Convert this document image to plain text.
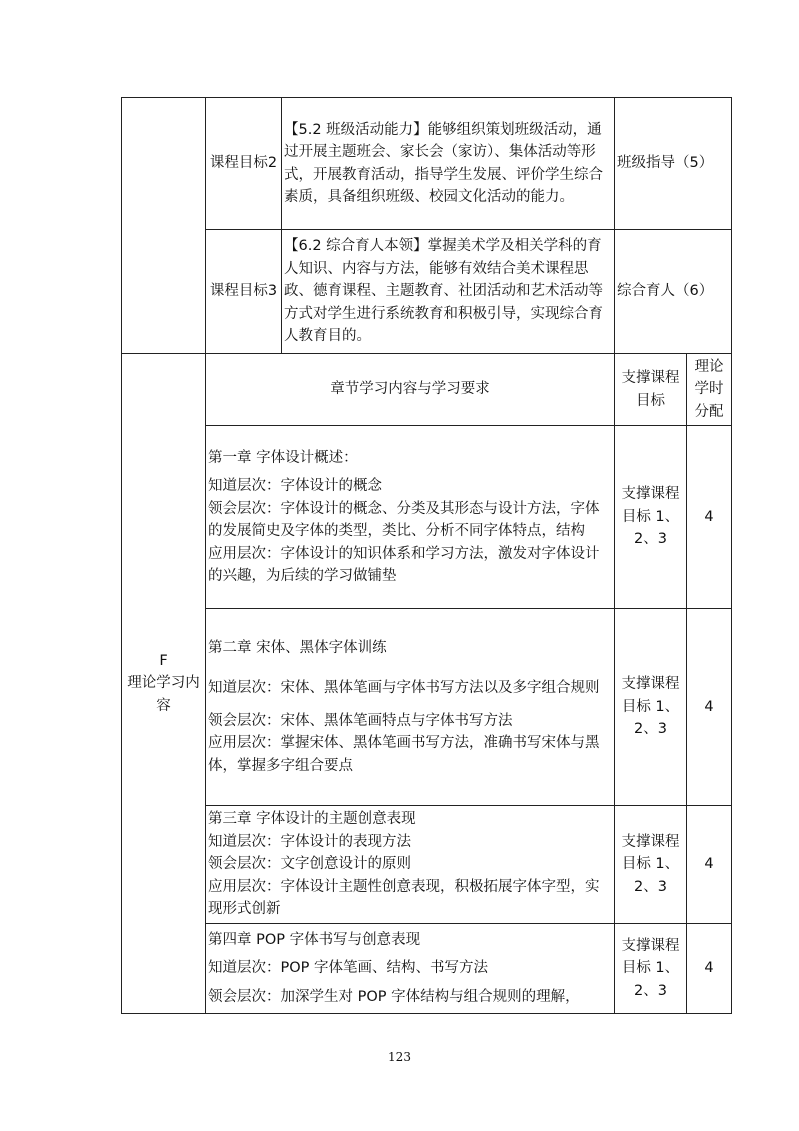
	课程目标2	【5.2 班级活动能力】能够组织策划班级活动，通过开展主题班会、家长会（家访）、集体活动等形式，开展教育活动，指导学生发展、评价学生综合素质，具备组织班级、校园文化活动的能力。	班级指导（5）	
	课程目标3	【6.2 综合育人本领】掌握美术学及相关学科的育人知识、内容与方法，能够有效结合美术课程思政、德育课程、主题教育、社团活动和艺术活动等方式对学生进行系统教育和积极引导，实现综合育人教育目的。	综合育人（6）	

F
理论学习内容	章节学习内容与学习要求		支撑课程目标	理论学时分配

	第一章 字体设计概述：
知道层次：字体设计的概念
领会层次：字体设计的概念、分类及其形态与设计方法，字体的发展简史及字体的类型，类比、分析不同字体特点，结构
应用层次：字体设计的知识体系和学习方法，激发对字体设计的兴趣，为后续的学习做铺垫		支撑课程目标 1、2、3	4

	第二章 宋体、黑体字体训练
知道层次：宋体、黑体笔画与字体书写方法以及多字组合规则
领会层次：宋体、黑体笔画特点与字体书写方法
应用层次：掌握宋体、黑体笔画书写方法，准确书写宋体与黑体，掌握多字组合要点		支撑课程目标 1、2、3	4

	第三章 字体设计的主题创意表现
知道层次：字体设计的表现方法
领会层次：文字创意设计的原则
应用层次：字体设计主题性创意表现，积极拓展字体字型，实现形式创新		支撑课程目标 1、2、3	4

	第四章 POP 字体书写与创意表现
知道层次：POP 字体笔画、结构、书写方法
领会层次：加深学生对 POP 字体结构与组合规则的理解，		支撑课程目标 1、2、3	4
123
